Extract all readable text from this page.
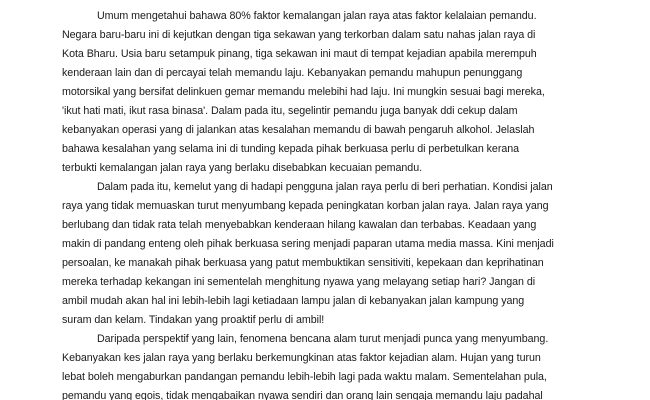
Umum mengetahui bahawa 80% faktor kemalangan jalan raya atas faktor kelalaian pemandu.
Negara baru-baru ini di kejutkan dengan tiga sekawan yang terkorban dalam satu nahas jalan raya di
Kota Bharu. Usia baru setampuk pinang, tiga sekawan ini maut di tempat kejadian apabila merempuh
kenderaan lain dan di percayai telah memandu laju. Kebanyakan pemandu mahupun penunggang
motorsikal yang bersifat delinkuen gemar memandu melebihi had laju. Ini mungkin sesuai bagi mereka,
'ikut hati mati, ikut rasa binasa'. Dalam pada itu, segelintir pemandu juga banyak ddi cekup dalam
kebanyakan operasi yang di jalankan atas kesalahan memandu di bawah pengaruh alkohol. Jelaslah
bahawa kesalahan yang selama ini di tunding kepada pihak berkuasa perlu di perbetulkan kerana
terbukti kemalangan jalan raya yang berlaku disebabkan kecuaian pemandu.
Dalam pada itu, kemelut yang di hadapi pengguna jalan raya perlu di beri perhatian. Kondisi jalan
raya yang tidak memuaskan turut menyumbang kepada peningkatan korban jalan raya. Jalan raya yang
berlubang dan tidak rata telah menyebabkan kenderaan hilang kawalan dan terbabas. Keadaan yang
makin di pandang enteng oleh pihak berkuasa sering menjadi paparan utama media massa. Kini menjadi
persoalan, ke manakah pihak berkuasa yang patut membuktikan sensitiviti, kepekaan dan keprihatinan
mereka terhadap kekangan ini sementelah menghitung nyawa yang melayang setiap hari? Jangan di
ambil mudah akan hal ini lebih-lebih lagi ketiadaan lampu jalan di kebanyakan jalan kampung yang
suram dan kelam. Tindakan yang proaktif perlu di ambil!
Daripada perspektif yang lain, fenomena bencana alam turut menjadi punca yang menyumbang.
Kebanyakan kes jalan raya yang berlaku berkemungkinan atas faktor kejadian alam. Hujan yang turun
lebat boleh mengaburkan pandangan pemandu lebih-lebih lagi pada waktu malam. Sementelahan pula,
pemandu yang egois, tidak mengabaikan nyawa sendiri dan orang lain sengaja memandu laju padahal
